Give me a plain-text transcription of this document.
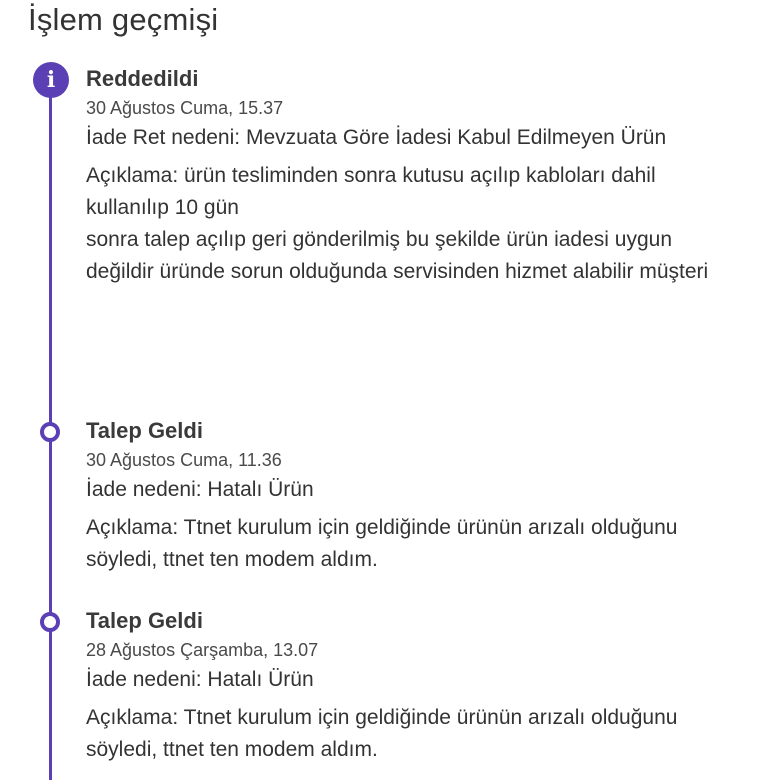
İşlem geçmişi
i	Reddedildi

30 Ağustos Cuma, 15.37

İade Ret nedeni: Mevzuata Göre İadesi Kabul Edilmeyen Ürün

Açıklama: ürün tesliminden sonra kutusu açılıp kabloları dahil kullanılıp 10 gün
sonra talep açılıp geri gönderilmiş bu şekilde ürün iadesi uygun
değildir üründe sorun olduğunda servisinden hizmet alabilir müşteri

Talep Geldi

30 Ağustos Cuma, 11.36

İade nedeni: Hatalı Ürün

Açıklama: Ttnet kurulum için geldiğinde ürünün arızalı olduğunu söyledi, ttnet ten modem aldım.

Talep Geldi

28 Ağustos Çarşamba, 13.07

İade nedeni: Hatalı Ürün

Açıklama: Ttnet kurulum için geldiğinde ürünün arızalı olduğunu söyledi, ttnet ten modem aldım.
